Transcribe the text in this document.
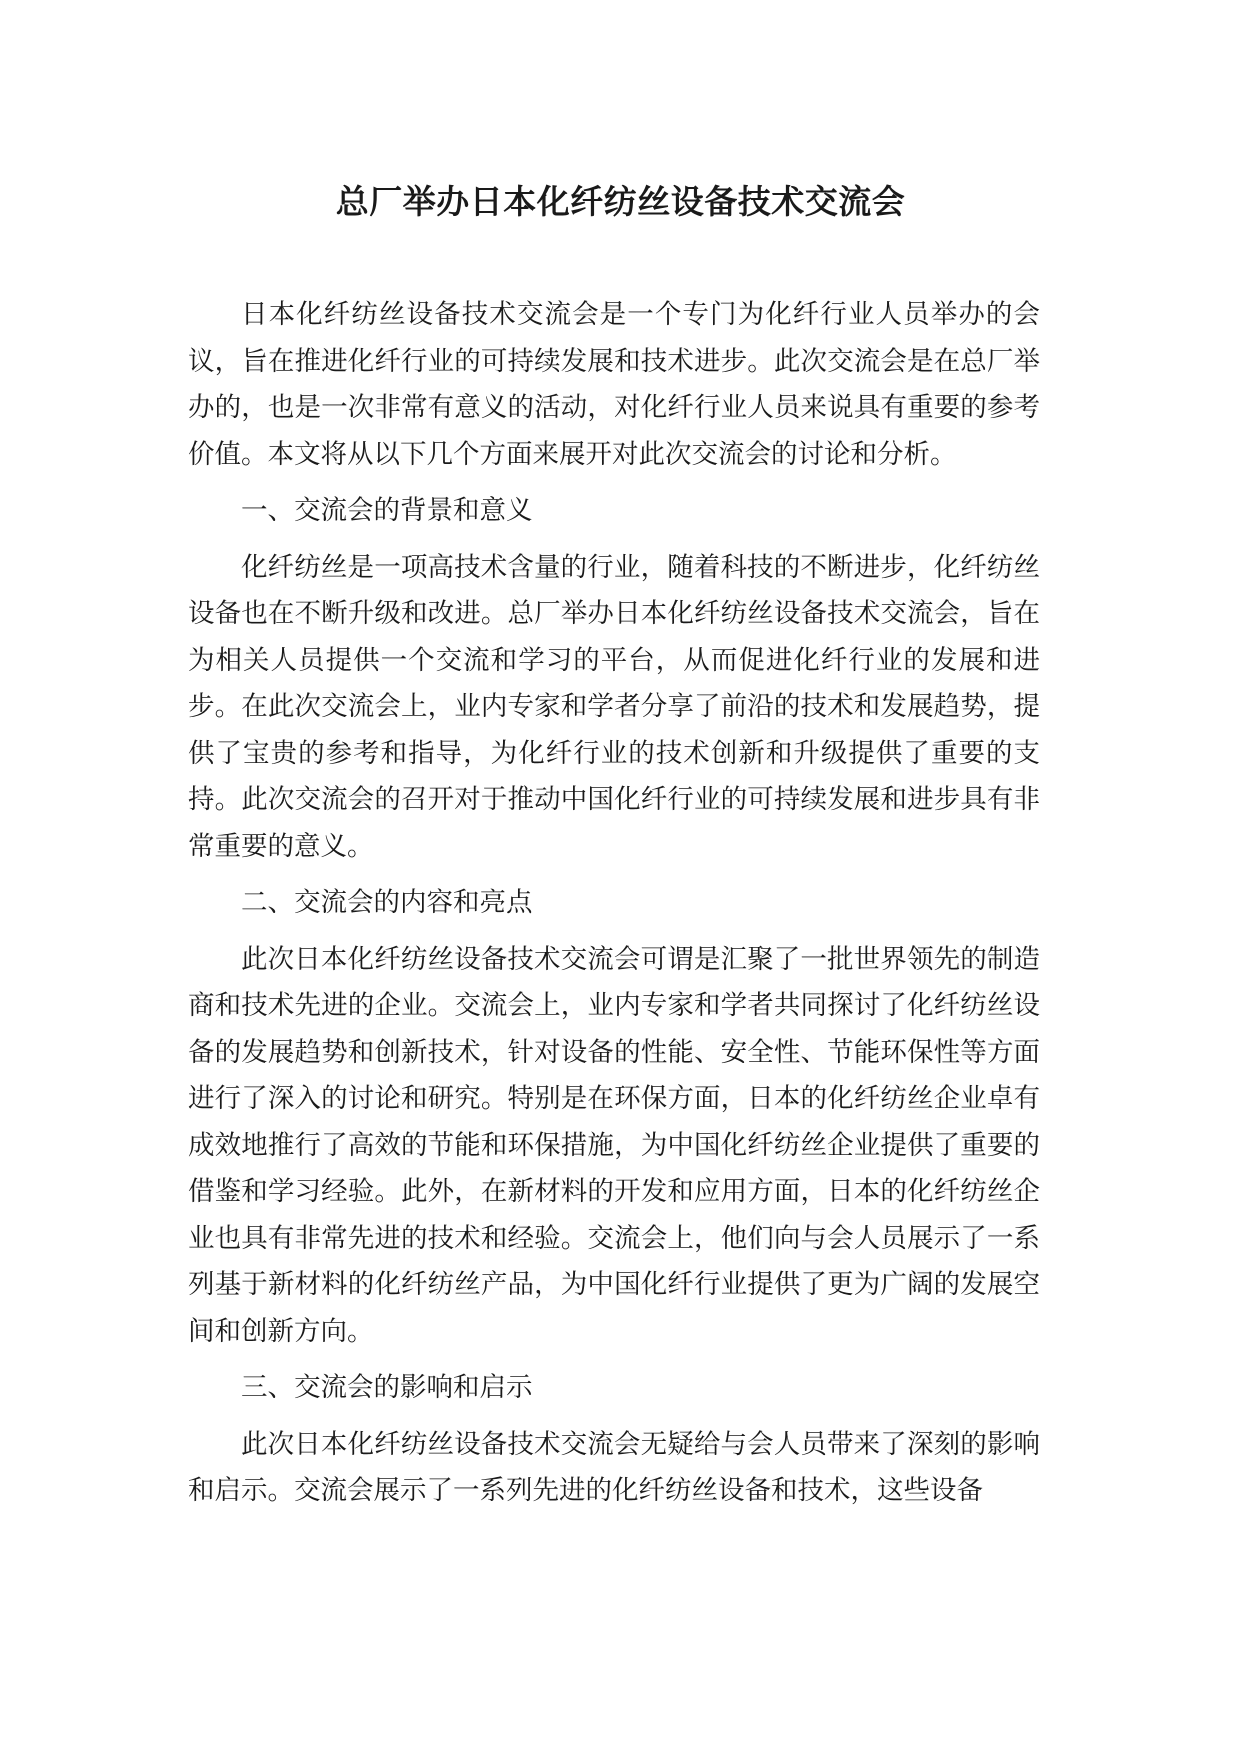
总厂举办日本化纤纺丝设备技术交流会

日本化纤纺丝设备技术交流会是一个专门为化纤行业人员举办的会议，旨在推进化纤行业的可持续发展和技术进步。此次交流会是在总厂举办的，也是一次非常有意义的活动，对化纤行业人员来说具有重要的参考价值。本文将从以下几个方面来展开对此次交流会的讨论和分析。

一、交流会的背景和意义

化纤纺丝是一项高技术含量的行业，随着科技的不断进步，化纤纺丝设备也在不断升级和改进。总厂举办日本化纤纺丝设备技术交流会，旨在为相关人员提供一个交流和学习的平台，从而促进化纤行业的发展和进步。在此次交流会上，业内专家和学者分享了前沿的技术和发展趋势，提供了宝贵的参考和指导，为化纤行业的技术创新和升级提供了重要的支持。此次交流会的召开对于推动中国化纤行业的可持续发展和进步具有非常重要的意义。

二、交流会的内容和亮点

此次日本化纤纺丝设备技术交流会可谓是汇聚了一批世界领先的制造商和技术先进的企业。交流会上，业内专家和学者共同探讨了化纤纺丝设备的发展趋势和创新技术，针对设备的性能、安全性、节能环保性等方面进行了深入的讨论和研究。特别是在环保方面，日本的化纤纺丝企业卓有成效地推行了高效的节能和环保措施，为中国化纤纺丝企业提供了重要的借鉴和学习经验。此外，在新材料的开发和应用方面，日本的化纤纺丝企业也具有非常先进的技术和经验。交流会上，他们向与会人员展示了一系列基于新材料的化纤纺丝产品，为中国化纤行业提供了更为广阔的发展空间和创新方向。

三、交流会的影响和启示

此次日本化纤纺丝设备技术交流会无疑给与会人员带来了深刻的影响和启示。交流会展示了一系列先进的化纤纺丝设备和技术，这些设备
